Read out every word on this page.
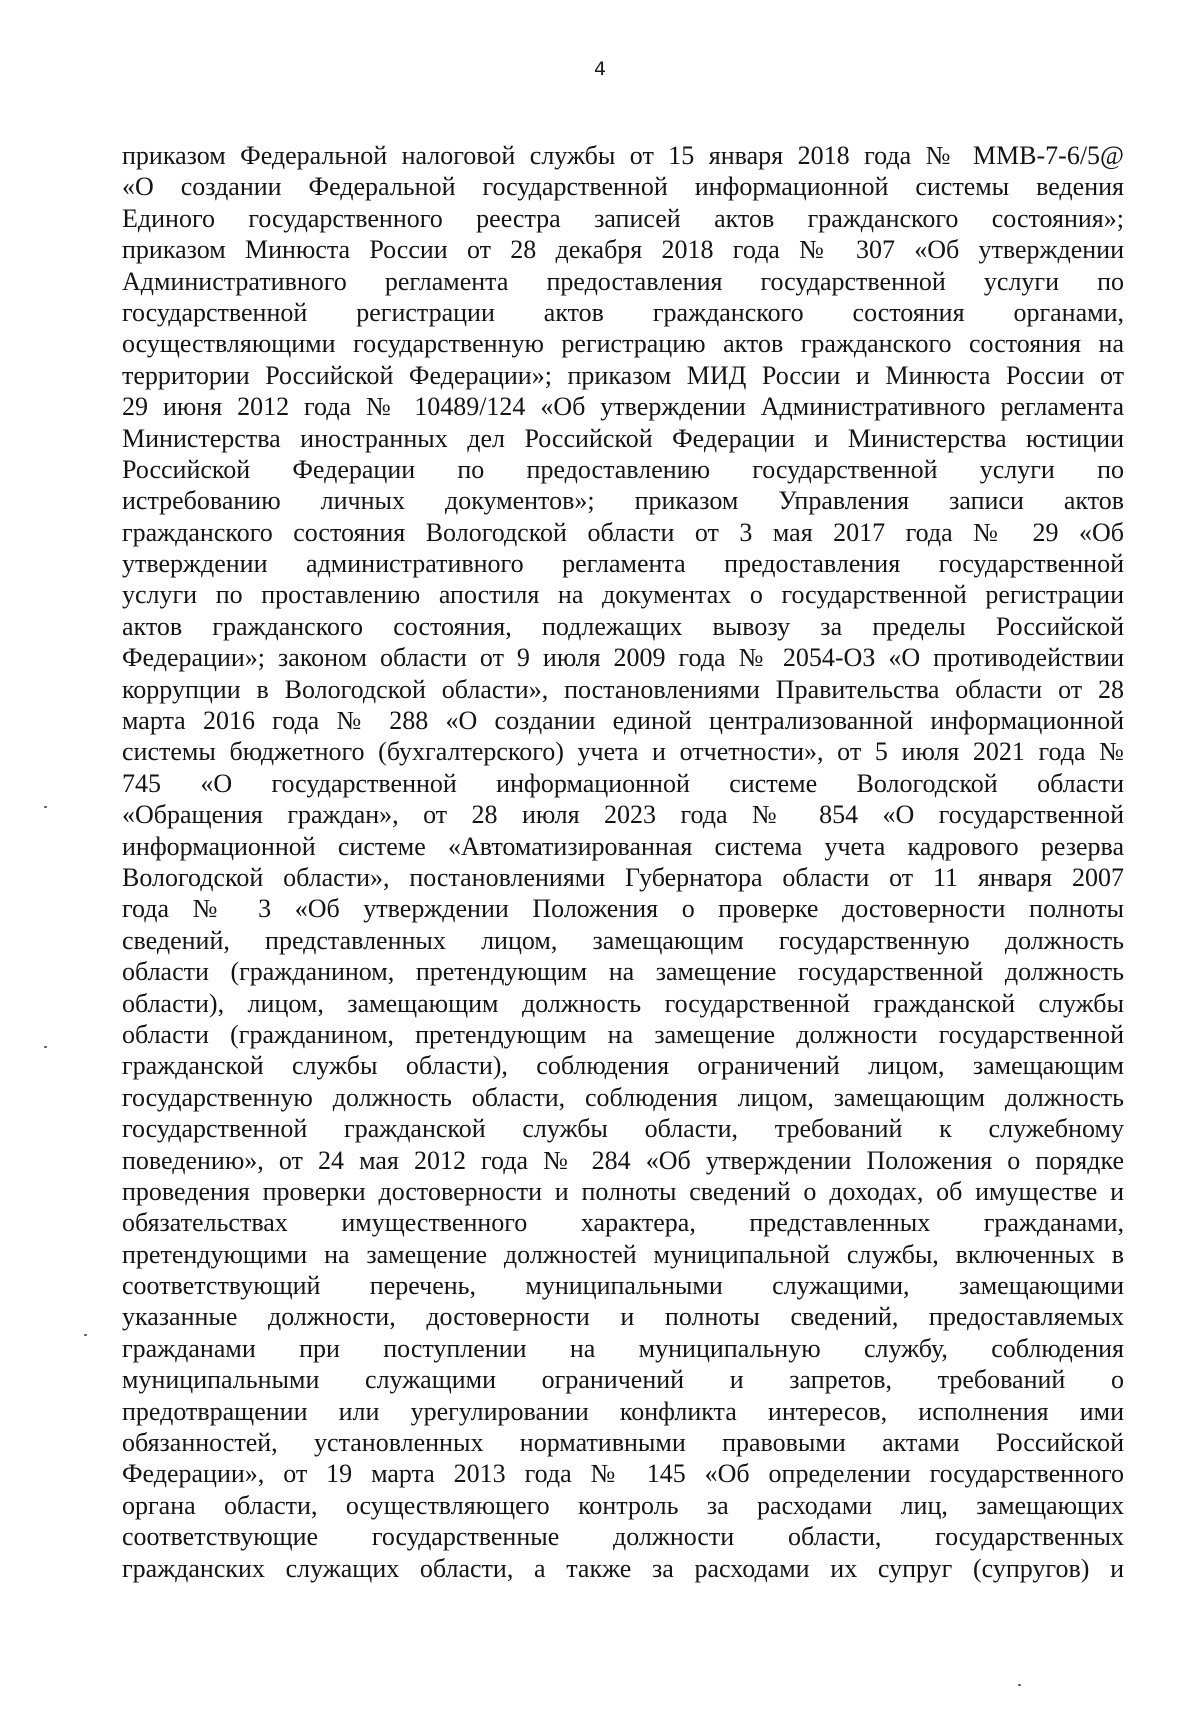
4
приказом Федеральной налоговой службы от 15 января 2018 года № ММВ-7-6/5@
«О создании Федеральной государственной информационной системы ведения
Единого государственного реестра записей актов гражданского состояния»;
приказом Минюста России от 28 декабря 2018 года № 307 «Об утверждении
Административного регламента предоставления государственной услуги по
государственной регистрации актов гражданского состояния органами,
осуществляющими государственную регистрацию актов гражданского состояния на
территории Российской Федерации»; приказом МИД России и Минюста России от
29 июня 2012 года № 10489/124 «Об утверждении Административного регламента
Министерства иностранных дел Российской Федерации и Министерства юстиции
Российской Федерации по предоставлению государственной услуги по
истребованию личных документов»; приказом Управления записи актов
гражданского состояния Вологодской области от 3 мая 2017 года № 29 «Об
утверждении административного регламента предоставления государственной
услуги по проставлению апостиля на документах о государственной регистрации
актов гражданского состояния, подлежащих вывозу за пределы Российской
Федерации»; законом области от 9 июля 2009 года № 2054-ОЗ «О противодействии
коррупции в Вологодской области», постановлениями Правительства области от 28
марта 2016 года № 288 «О создании единой централизованной информационной
системы бюджетного (бухгалтерского) учета и отчетности», от 5 июля 2021 года №
745 «О государственной информационной системе Вологодской области
«Обращения граждан», от 28 июля 2023 года № 854 «О государственной
информационной системе «Автоматизированная система учета кадрового резерва
Вологодской области», постановлениями Губернатора области от 11 января 2007
года № 3 «Об утверждении Положения о проверке достоверности полноты
сведений, представленных лицом, замещающим государственную должность
области (гражданином, претендующим на замещение государственной должность
области), лицом, замещающим должность государственной гражданской службы
области (гражданином, претендующим на замещение должности государственной
гражданской службы области), соблюдения ограничений лицом, замещающим
государственную должность области, соблюдения лицом, замещающим должность
государственной гражданской службы области, требований к служебному
поведению», от 24 мая 2012 года № 284 «Об утверждении Положения о порядке
проведения проверки достоверности и полноты сведений о доходах, об имуществе и
обязательствах имущественного характера, представленных гражданами,
претендующими на замещение должностей муниципальной службы, включенных в
соответствующий перечень, муниципальными служащими, замещающими
указанные должности, достоверности и полноты сведений, предоставляемых
гражданами при поступлении на муниципальную службу, соблюдения
муниципальными служащими ограничений и запретов, требований о
предотвращении или урегулировании конфликта интересов, исполнения ими
обязанностей, установленных нормативными правовыми актами Российской
Федерации», от 19 марта 2013 года № 145 «Об определении государственного
органа области, осуществляющего контроль за расходами лиц, замещающих
соответствующие государственные должности области, государственных
гражданских служащих области, а также за расходами их супруг (супругов) и
